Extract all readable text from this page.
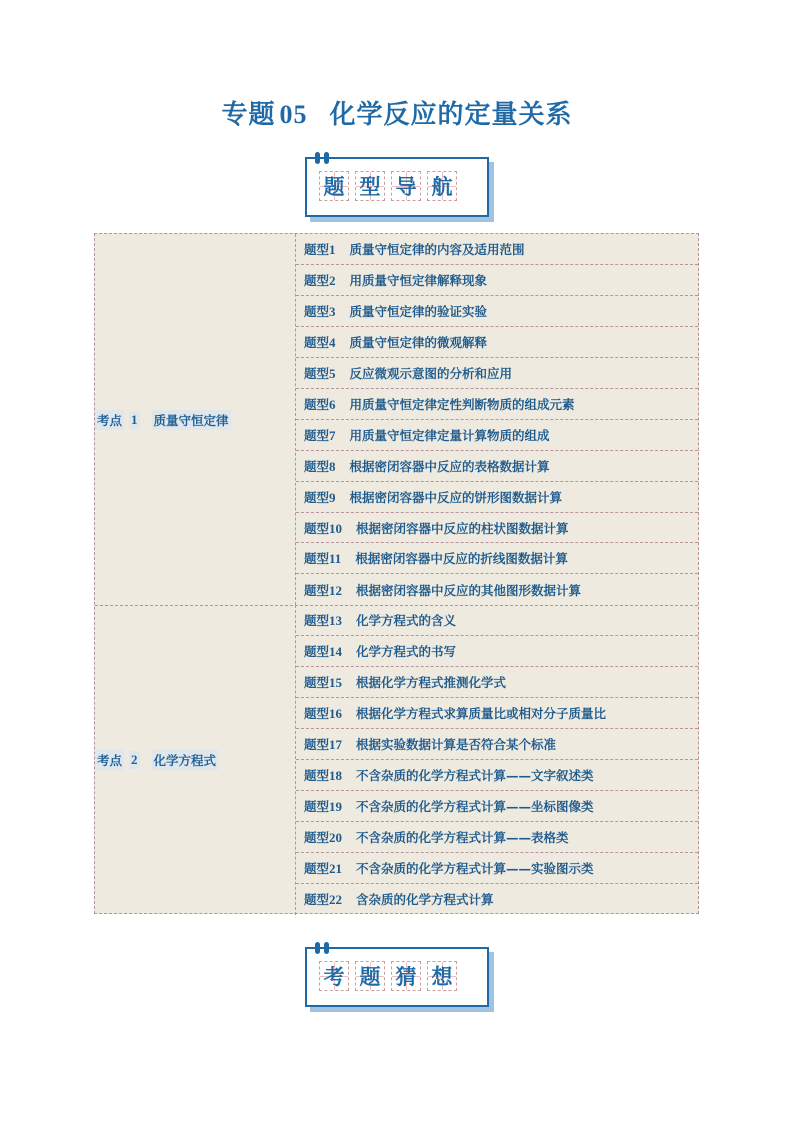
专题 05 化学反应的定量关系
题 型 导 航
考点 1 质量守恒定律
题型1 质量守恒定律的内容及适用范围
题型2 用质量守恒定律解释现象
题型3 质量守恒定律的验证实验
题型4 质量守恒定律的微观解释
题型5 反应微观示意图的分析和应用
题型6 用质量守恒定律定性判断物质的组成元素
题型7 用质量守恒定律定量计算物质的组成
题型8 根据密闭容器中反应的表格数据计算
题型9 根据密闭容器中反应的饼形图数据计算
题型10 根据密闭容器中反应的柱状图数据计算
题型11 根据密闭容器中反应的折线图数据计算
题型12 根据密闭容器中反应的其他图形数据计算
考点 2 化学方程式
题型13 化学方程式的含义
题型14 化学方程式的书写
题型15 根据化学方程式推测化学式
题型16 根据化学方程式求算质量比或相对分子质量比
题型17 根据实验数据计算是否符合某个标准
题型18 不含杂质的化学方程式计算——文字叙述类
题型19 不含杂质的化学方程式计算——坐标图像类
题型20 不含杂质的化学方程式计算——表格类
题型21 不含杂质的化学方程式计算——实验图示类
题型22 含杂质的化学方程式计算
考 题 猜 想
